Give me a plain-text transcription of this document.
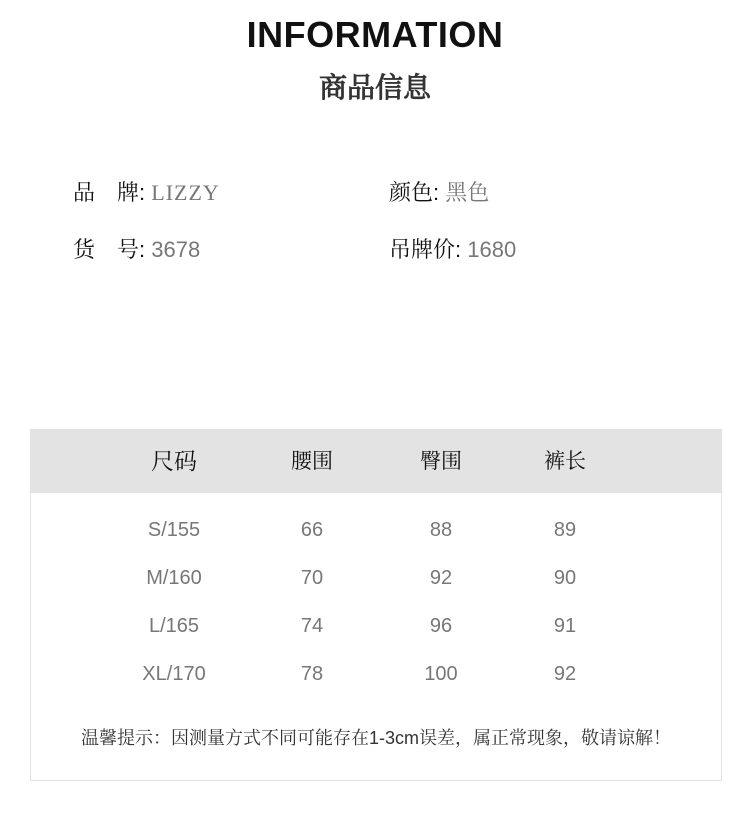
INFORMATION
商品信息
品　牌: LIZZY	颜色: 黑色
货　号: 3678	吊牌价: 1680
尺码	腰围	臀围	裤长
S/155	66	88	89
M/160	70	92	90
L/165	74	96	91
XL/170	78	100	92
温馨提示：因测量方式不同可能存在1-3cm误差，属正常现象，敬请谅解！
